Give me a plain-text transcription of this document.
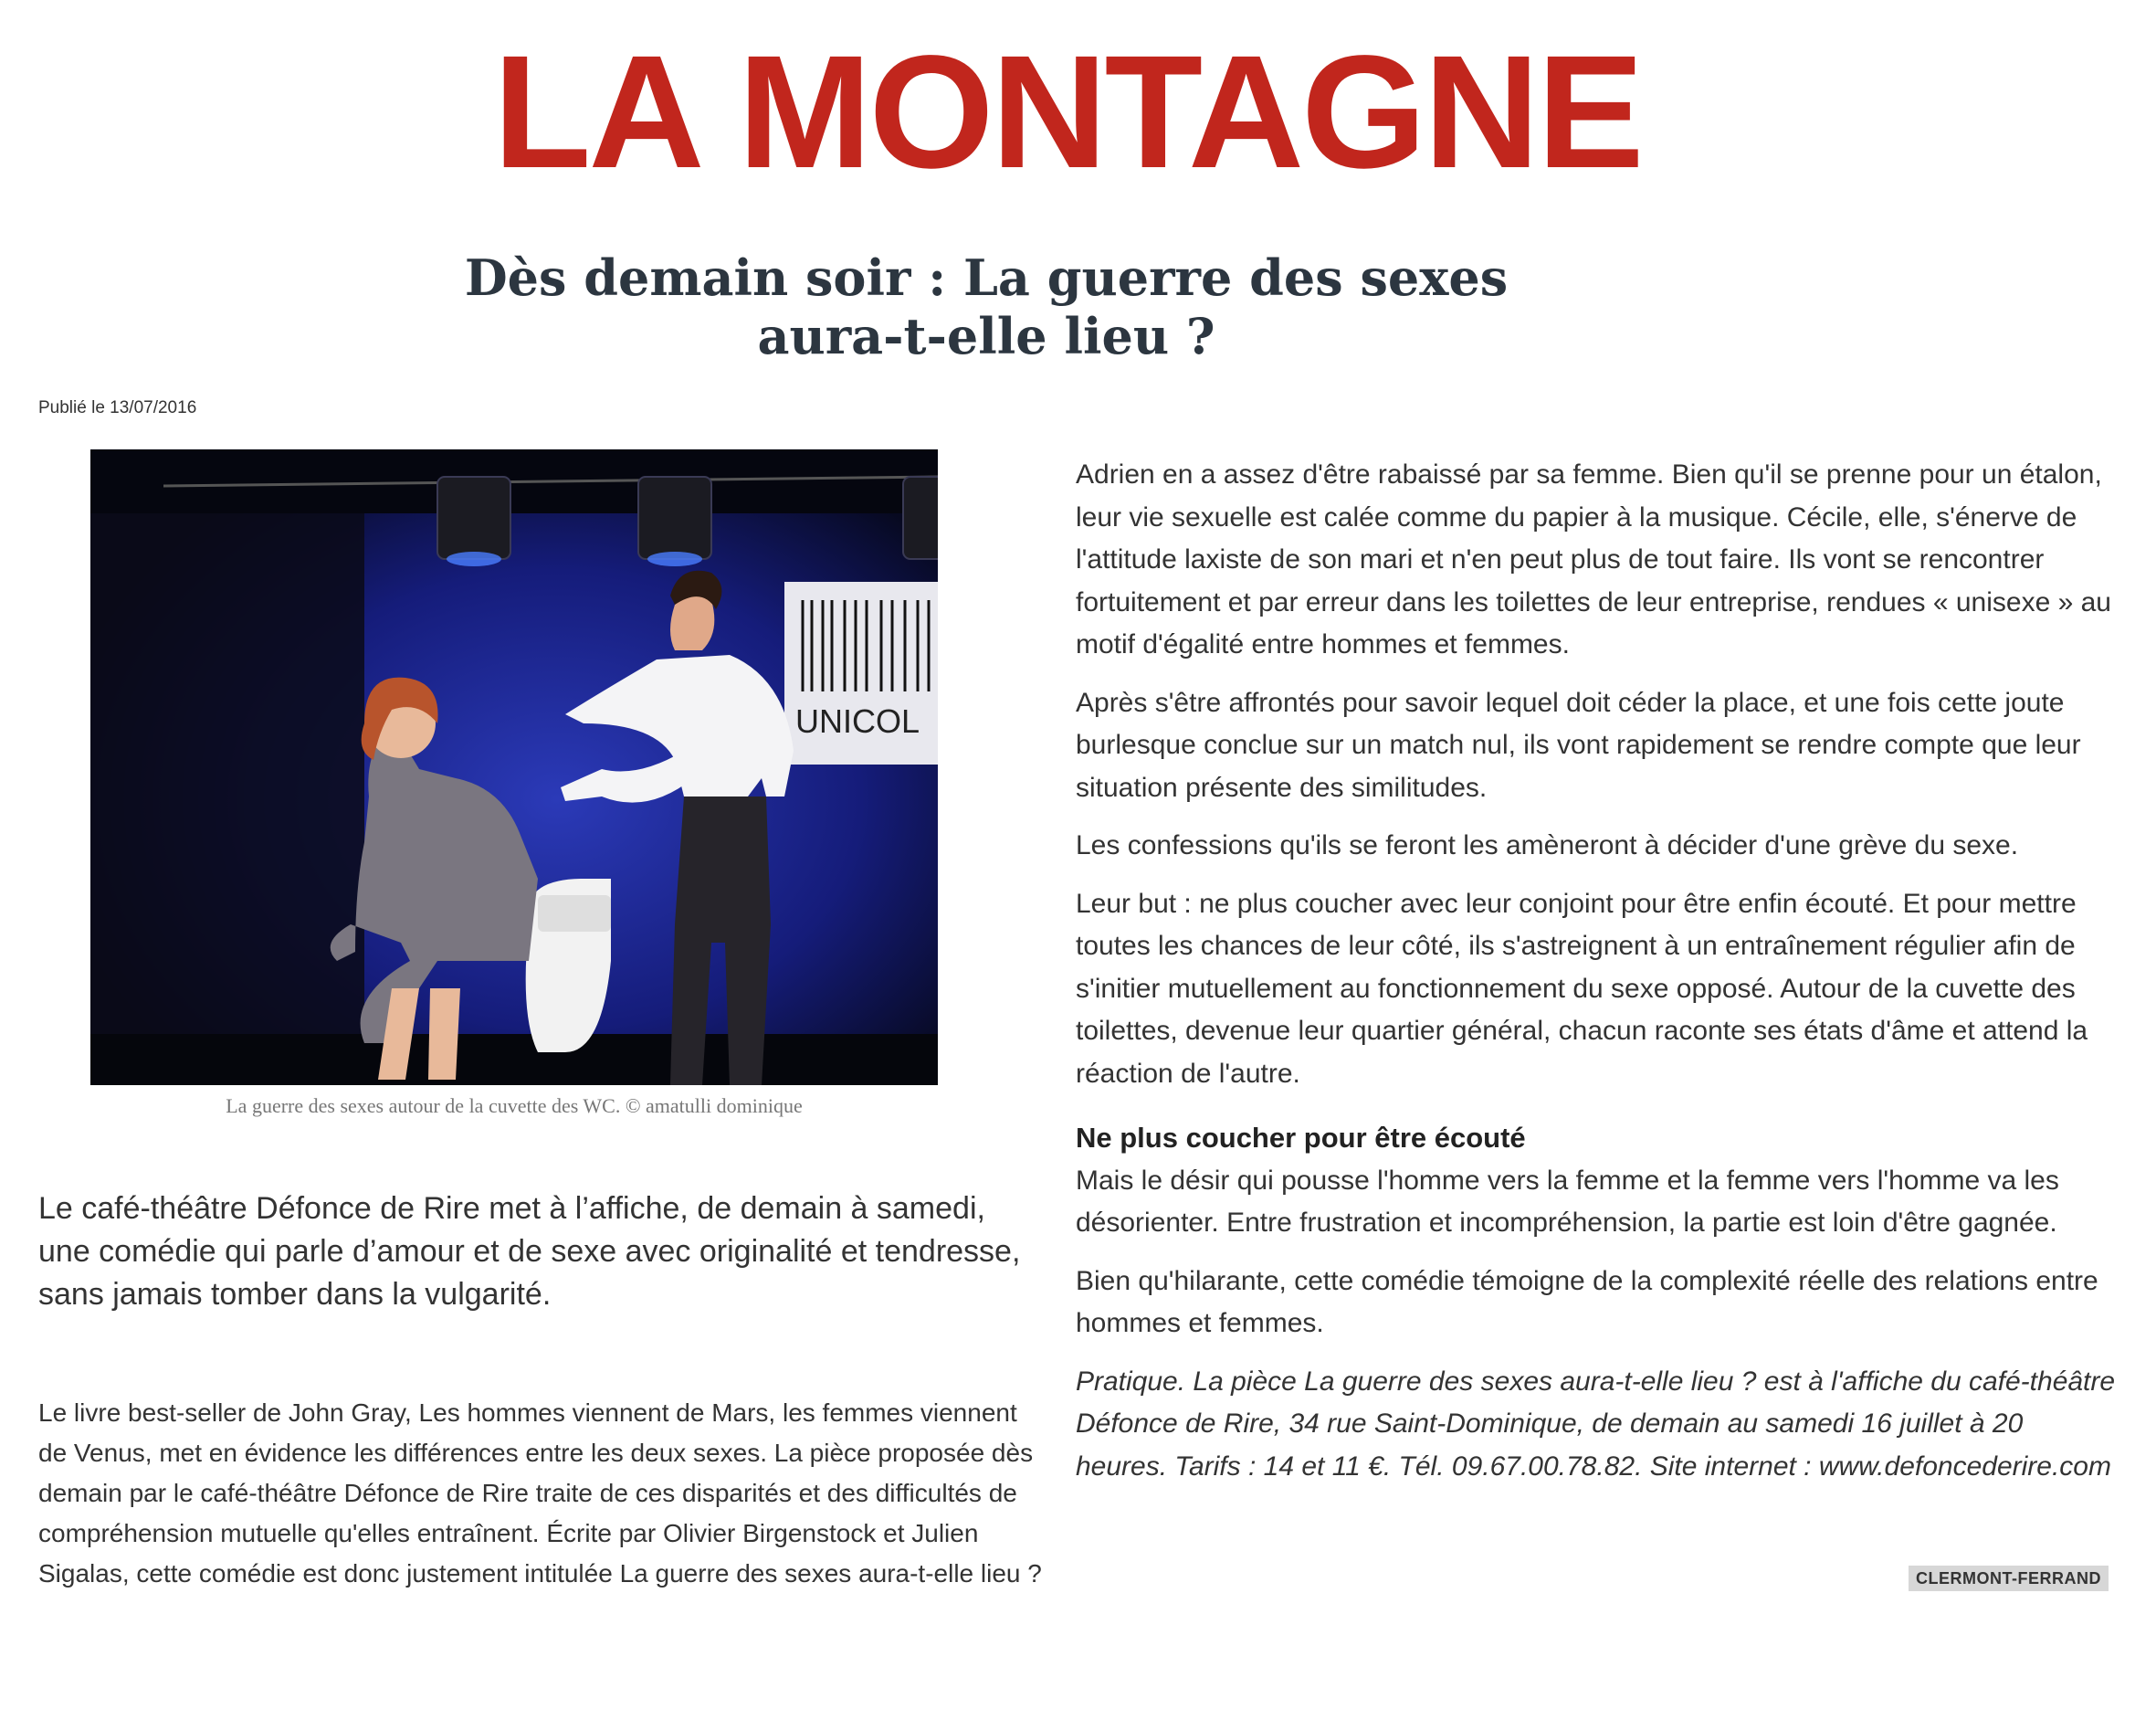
LA MONTAGNE
Dès demain soir : La guerre des sexes
aura-t-elle lieu ?
Publié le 13/07/2016
UNICOL
La guerre des sexes autour de la cuvette des WC. © amatulli dominique

Le café-théâtre Défonce de Rire met à l’affiche, de demain à samedi, une comédie qui parle d’amour et de sexe avec originalité et tendresse, sans jamais tomber dans la vulgarité.

Le livre best-seller de John Gray, Les hommes viennent de Mars, les femmes viennent de Venus, met en évidence les différences entre les deux sexes. La pièce proposée dès demain par le café-théâtre Défonce de Rire traite de ces disparités et des difficultés de compréhension mutuelle qu'elles entraînent. Écrite par Olivier Birgenstock et Julien Sigalas, cette comédie est donc justement intitulée La guerre des sexes aura-t-elle lieu ?

Adrien en a assez d'être rabaissé par sa femme. Bien qu'il se prenne pour un étalon, leur vie sexuelle est calée comme du papier à la musique. Cécile, elle, s'énerve de l'attitude laxiste de son mari et n'en peut plus de tout faire. Ils vont se rencontrer fortuitement et par erreur dans les toilettes de leur entreprise, rendues « unisexe » au motif d'égalité entre hommes et femmes.

Après s'être affrontés pour savoir lequel doit céder la place, et une fois cette joute burlesque conclue sur un match nul, ils vont rapidement se rendre compte que leur situation présente des similitudes.

Les confessions qu'ils se feront les amèneront à décider d'une grève du sexe.

Leur but : ne plus coucher avec leur conjoint pour être enfin écouté. Et pour mettre toutes les chances de leur côté, ils s'astreignent à un entraînement régulier afin de s'initier mutuellement au fonctionnement du sexe opposé. Autour de la cuvette des toilettes, devenue leur quartier général, chacun raconte ses états d'âme et attend la réaction de l'autre.

Ne plus coucher pour être écouté

Mais le désir qui pousse l'homme vers la femme et la femme vers l'homme va les désorienter. Entre frustration et incompréhension, la partie est loin d'être gagnée.

Bien qu'hilarante, cette comédie témoigne de la complexité réelle des relations entre hommes et femmes.

Pratique. La pièce La guerre des sexes aura-t-elle lieu ? est à l'affiche du café-théâtre Défonce de Rire, 34 rue Saint-Dominique, de demain au samedi 16 juillet à 20 heures. Tarifs : 14 et 11 €. Tél. 09.67.00.78.82. Site internet : www.defoncederire.com

CLERMONT-FERRAND
